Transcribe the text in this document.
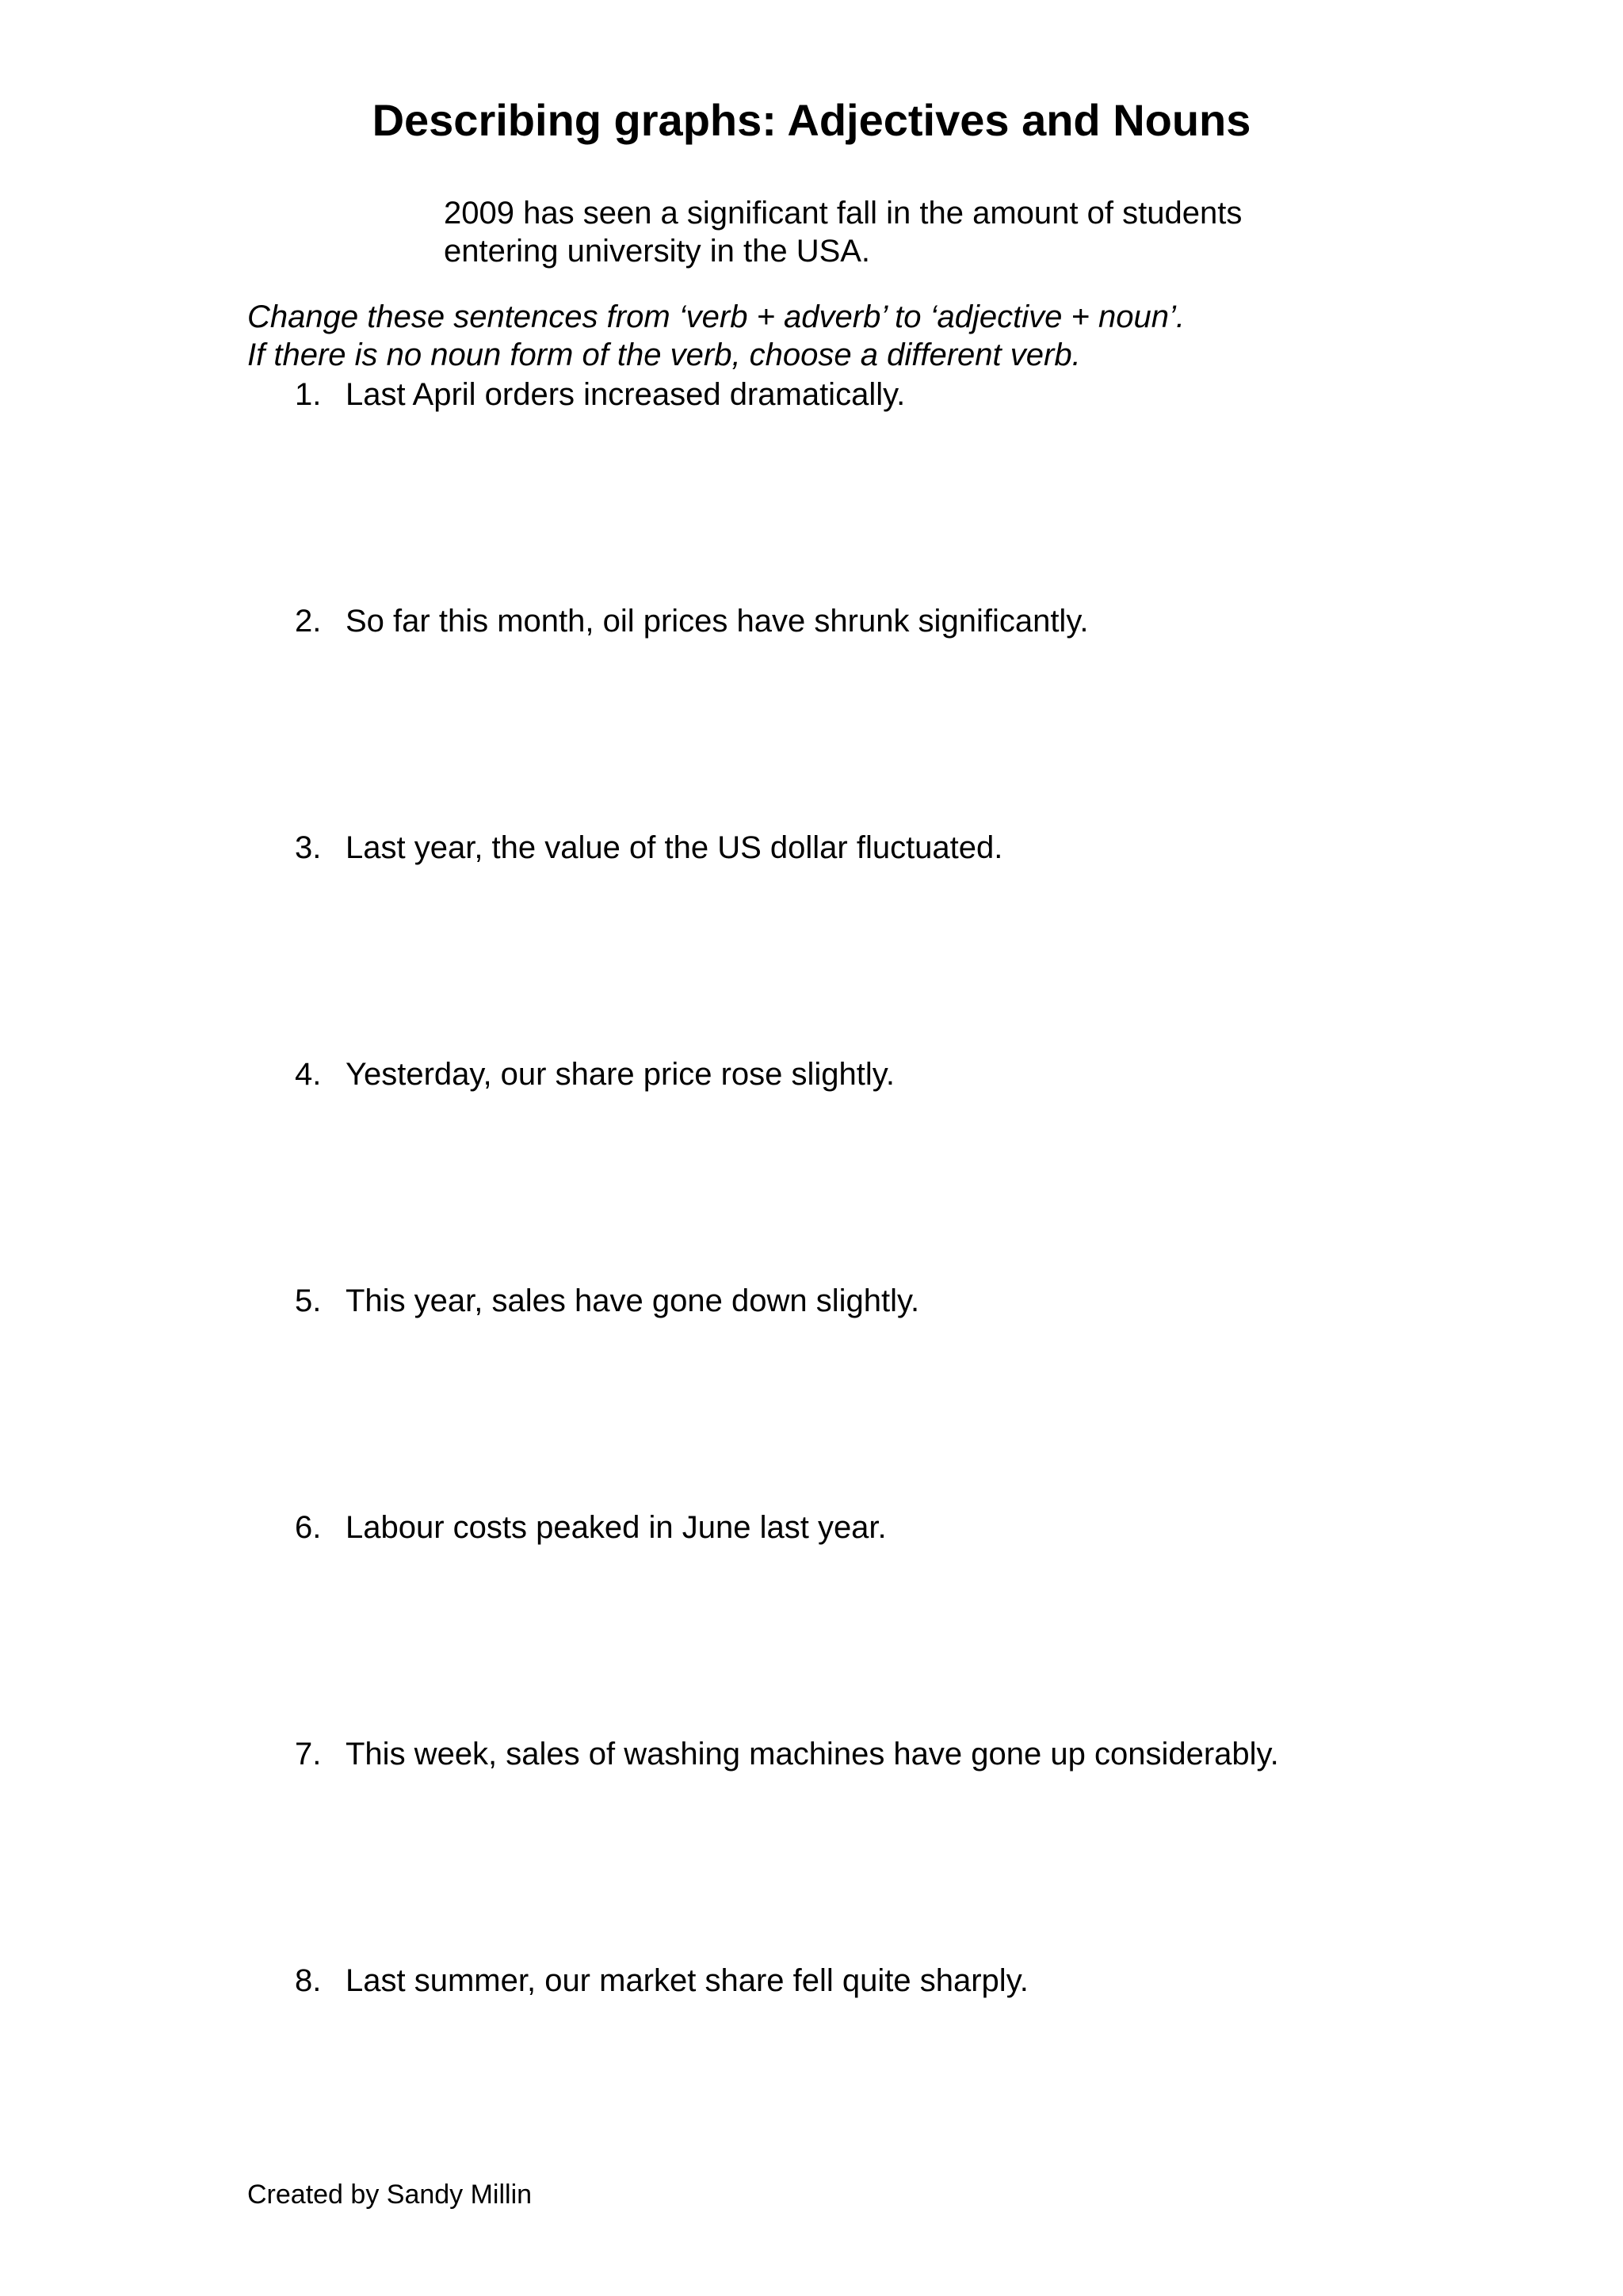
Describing graphs: Adjectives and Nouns
2009 has seen a significant fall in the amount of students
entering university in the USA.
Change these sentences from ‘verb + adverb’ to ‘adjective + noun’.
If there is no noun form of the verb, choose a different verb.

1. Last April orders increased dramatically.

2. So far this month, oil prices have shrunk significantly.

3. Last year, the value of the US dollar fluctuated.

4. Yesterday, our share price rose slightly.

5. This year, sales have gone down slightly.

6. Labour costs peaked in June last year.

7. This week, sales of washing machines have gone up considerably.

8. Last summer, our market share fell quite sharply.

Created by Sandy Millin
